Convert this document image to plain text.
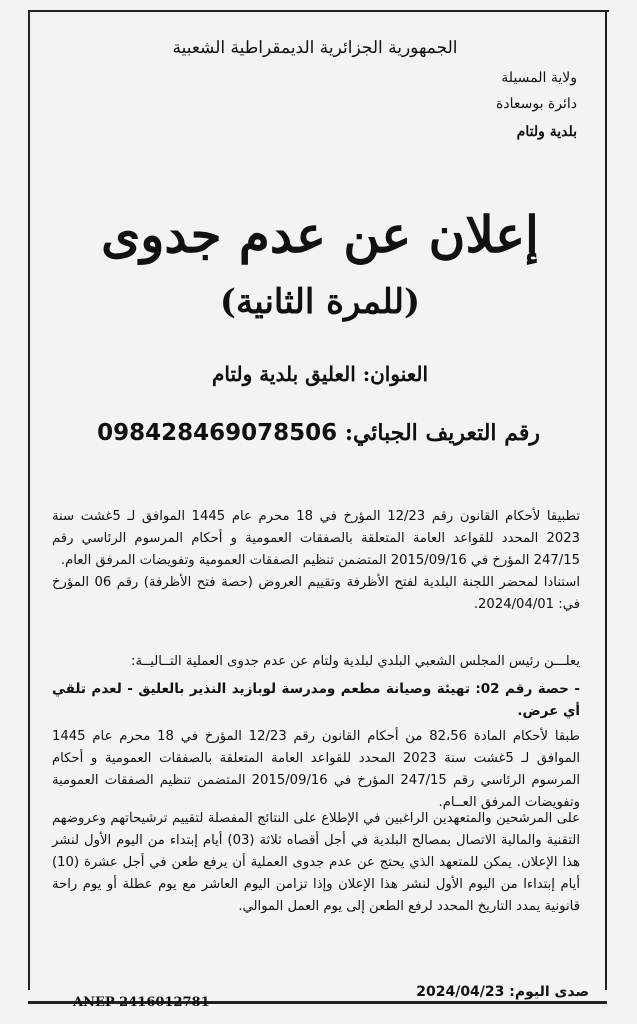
الجمهورية الجزائرية الديمقراطية الشعبية
ولاية المسيلة
دائرة بوسعادة
بلدية ولتام
إعلان عن عدم جدوى
(للمرة الثانية)
العنوان: العليق بلدية ولتام
رقم التعريف الجبائي: 098428469078506

تطبيقا لأحكام القانون رقم 12/23 المؤرخ في 18 محرم عام 1445 الموافق لـ 5غشت سنة 2023 المحدد للقواعد العامة المتعلقة بالصفقات العمومية و أحكام المرسوم الرئاسي رقم 247/15 المؤرخ في 2015/09/16 المتضمن تنظيم الصفقات العمومية وتفويضات المرفق العام.

استنادا لمحضر اللجنة البلدية لفتح الأظرفة وتقييم العروض (حصة فتح الأظرفة) رقم 06 المؤرخ في: 2024/04/01.

يعلـــن رئيس المجلس الشعبي البلدي لبلدية ولتام عن عدم جدوى العملية التــاليــة:

- حصة رقم 02: تهيئة وصيانة مطعم ومدرسة لوبازيد النذير بالعليق - لعدم تلقي أي عرض.

طبقا لأحكام المادة 82،56 من أحكام القانون رقم 12/23 المؤرخ في 18 محرم عام 1445 الموافق لـ 5غشت سنة 2023 المحدد للقواعد العامة المتعلقة بالصفقات العمومية و أحكام المرسوم الرئاسي رقم 247/15 المؤرخ في 2015/09/16 المتضمن تنظيم الصفقات العمومية وتفويضات المرفق العــام.

على المرشحين والمتعهدين الراغبين في الإطلاع على النتائج المفصلة لتقييم ترشيحاتهم وعروضهم التقنية والمالية الاتصال بمصالح البلدية في أجل أقصاه ثلاثة (03) أيام إبتداء من اليوم الأول لنشر هذا الإعلان. يمكن للمتعهد الذي يحتج عن عدم جدوى العملية أن يرفع طعن في أجل عشرة (10) أيام إبتداءا من اليوم الأول لنشر هذا الإعلان وإذا تزامن اليوم العاشر مع يوم عطلة أو يوم راحة قانونية يمدد التاريخ المحدد لرفع الطعن إلى يوم العمل الموالي.

صدى اليوم: 2024/04/23
ANEP 2416012781
